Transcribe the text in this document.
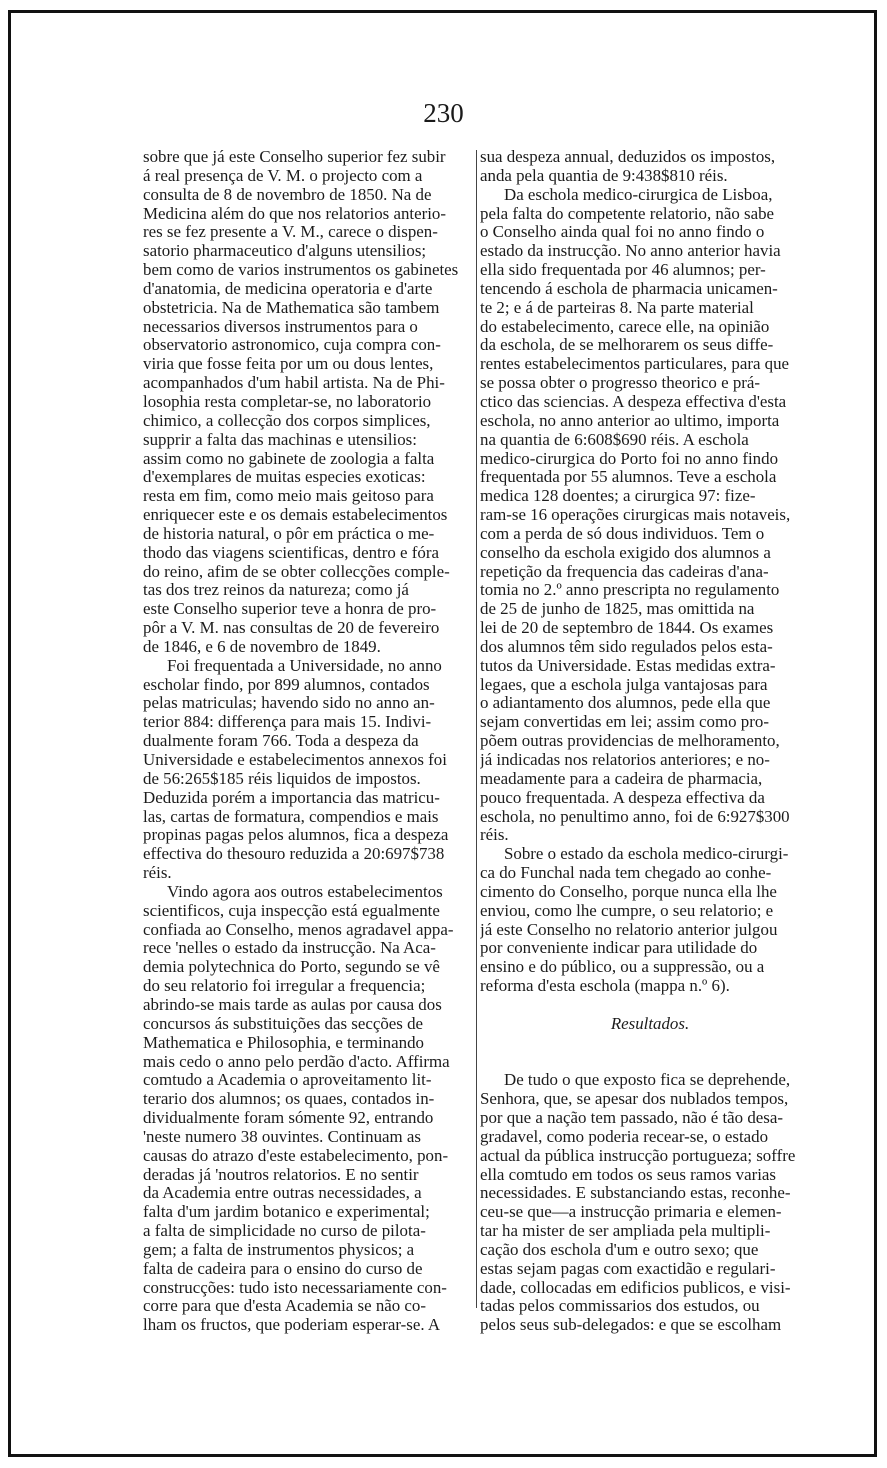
230
sobre que já este Conselho superior fez subir
á real presença de V. M. o projecto com a
consulta de 8 de novembro de 1850. Na de
Medicina além do que nos relatorios anterio-
res se fez presente a V. M., carece o dispen-
satorio pharmaceutico d'alguns utensilios;
bem como de varios instrumentos os gabinetes
d'anatomia, de medicina operatoria e d'arte
obstetricia. Na de Mathematica são tambem
necessarios diversos instrumentos para o
observatorio astronomico, cuja compra con-
viria que fosse feita por um ou dous lentes,
acompanhados d'um habil artista. Na de Phi-
losophia resta completar-se, no laboratorio
chimico, a collecção dos corpos simplices,
supprir a falta das machinas e utensilios:
assim como no gabinete de zoologia a falta
d'exemplares de muitas especies exoticas:
resta em fim, como meio mais geitoso para
enriquecer este e os demais estabelecimentos
de historia natural, o pôr em práctica o me-
thodo das viagens scientificas, dentro e fóra
do reino, afim de se obter collecções comple-
tas dos trez reinos da natureza; como já
este Conselho superior teve a honra de pro-
pôr a V. M. nas consultas de 20 de fevereiro
de 1846, e 6 de novembro de 1849.
Foi frequentada a Universidade, no anno
escholar findo, por 899 alumnos, contados
pelas matriculas; havendo sido no anno an-
terior 884: differença para mais 15. Indivi-
dualmente foram 766. Toda a despeza da
Universidade e estabelecimentos annexos foi
de 56:265$185 réis liquidos de impostos.
Deduzida porém a importancia das matricu-
las, cartas de formatura, compendios e mais
propinas pagas pelos alumnos, fica a despeza
effectiva do thesouro reduzida a 20:697$738
réis.
Vindo agora aos outros estabelecimentos
scientificos, cuja inspecção está egualmente
confiada ao Conselho, menos agradavel appa-
rece 'nelles o estado da instrucção. Na Aca-
demia polytechnica do Porto, segundo se vê
do seu relatorio foi irregular a frequencia;
abrindo-se mais tarde as aulas por causa dos
concursos ás substituições das secções de
Mathematica e Philosophia, e terminando
mais cedo o anno pelo perdão d'acto. Affirma
comtudo a Academia o aproveitamento lit-
terario dos alumnos; os quaes, contados in-
dividualmente foram sómente 92, entrando
'neste numero 38 ouvintes. Continuam as
causas do atrazo d'este estabelecimento, pon-
deradas já 'noutros relatorios. E no sentir
da Academia entre outras necessidades, a
falta d'um jardim botanico e experimental;
a falta de simplicidade no curso de pilota-
gem; a falta de instrumentos physicos; a
falta de cadeira para o ensino do curso de
construcções: tudo isto necessariamente con-
corre para que d'esta Academia se não co-
lham os fructos, que poderiam esperar-se. A
sua despeza annual, deduzidos os impostos,
anda pela quantia de 9:438$810 réis.
Da eschola medico-cirurgica de Lisboa,
pela falta do competente relatorio, não sabe
o Conselho ainda qual foi no anno findo o
estado da instrucção. No anno anterior havia
ella sido frequentada por 46 alumnos; per-
tencendo á eschola de pharmacia unicamen-
te 2; e á de parteiras 8. Na parte material
do estabelecimento, carece elle, na opinião
da eschola, de se melhorarem os seus diffe-
rentes estabelecimentos particulares, para que
se possa obter o progresso theorico e prá-
ctico das sciencias. A despeza effectiva d'esta
eschola, no anno anterior ao ultimo, importa
na quantia de 6:608$690 réis. A eschola
medico-cirurgica do Porto foi no anno findo
frequentada por 55 alumnos. Teve a eschola
medica 128 doentes; a cirurgica 97: fize-
ram-se 16 operações cirurgicas mais notaveis,
com a perda de só dous individuos. Tem o
conselho da eschola exigido dos alumnos a
repetição da frequencia das cadeiras d'ana-
tomia no 2.º anno prescripta no regulamento
de 25 de junho de 1825, mas omittida na
lei de 20 de septembro de 1844. Os exames
dos alumnos têm sido regulados pelos esta-
tutos da Universidade. Estas medidas extra-
legaes, que a eschola julga vantajosas para
o adiantamento dos alumnos, pede ella que
sejam convertidas em lei; assim como pro-
põem outras providencias de melhoramento,
já indicadas nos relatorios anteriores; e no-
meadamente para a cadeira de pharmacia,
pouco frequentada. A despeza effectiva da
eschola, no penultimo anno, foi de 6:927$300
réis.
Sobre o estado da eschola medico-cirurgi-
ca do Funchal nada tem chegado ao conhe-
cimento do Conselho, porque nunca ella lhe
enviou, como lhe cumpre, o seu relatorio; e
já este Conselho no relatorio anterior julgou
por conveniente indicar para utilidade do
ensino e do público, ou a suppressão, ou a
reforma d'esta eschola (mappa n.º 6).
Resultados.
De tudo o que exposto fica se deprehende,
Senhora, que, se apesar dos nublados tempos,
por que a nação tem passado, não é tão desa-
gradavel, como poderia recear-se, o estado
actual da pública instrucção portugueza; soffre
ella comtudo em todos os seus ramos varias
necessidades. E substanciando estas, reconhe-
ceu-se que—a instrucção primaria e elemen-
tar ha mister de ser ampliada pela multipli-
cação dos eschola d'um e outro sexo; que
estas sejam pagas com exactidão e regulari-
dade, collocadas em edificios publicos, e visi-
tadas pelos commissarios dos estudos, ou
pelos seus sub-delegados: e que se escolham
